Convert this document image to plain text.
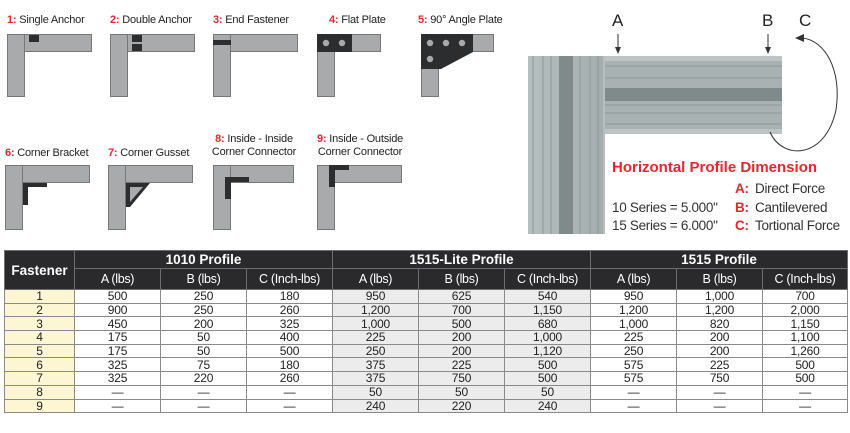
1: Single Anchor 2: Double Anchor 3: End Fastener	4: Flat Plate	5: 90° Angle Plate
6: Corner Bracket 7: Corner Gusset
8: Inside - Inside
Corner Connector
9: Inside - Outside
Corner Connector
A	B C
Horizontal Profile Dimension
10 Series = 5.000"
15 Series = 6.000"
A: Direct Force
B: Cantilevered
C: Tortional Force
Fastener	1010 Profile			1515-Lite Profile			1515 Profile		
	A (lbs)	B (lbs)	C (Inch-lbs)	A (lbs)	B (lbs)	C (Inch-lbs)	A (lbs)	B (lbs)	C (Inch-lbs)
1	500	250	180	950	625	540	950	1,000	700
2	900	250	260	1,200	700	1,150	1,200	1,200	2,000
3	450	200	325	1,000	500	680	1,000	820	1,150
4	175	50	400	225	200	1,000	225	200	1,100
5	175	50	500	250	200	1,120	250	200	1,260
6	325	75	180	375	225	500	575	225	500
7	325	220	260	375	750	500	575	750	500
8	—	—	—	50	50	50	—	—	—
9	—	—	—	240	220	240	—	—	—
